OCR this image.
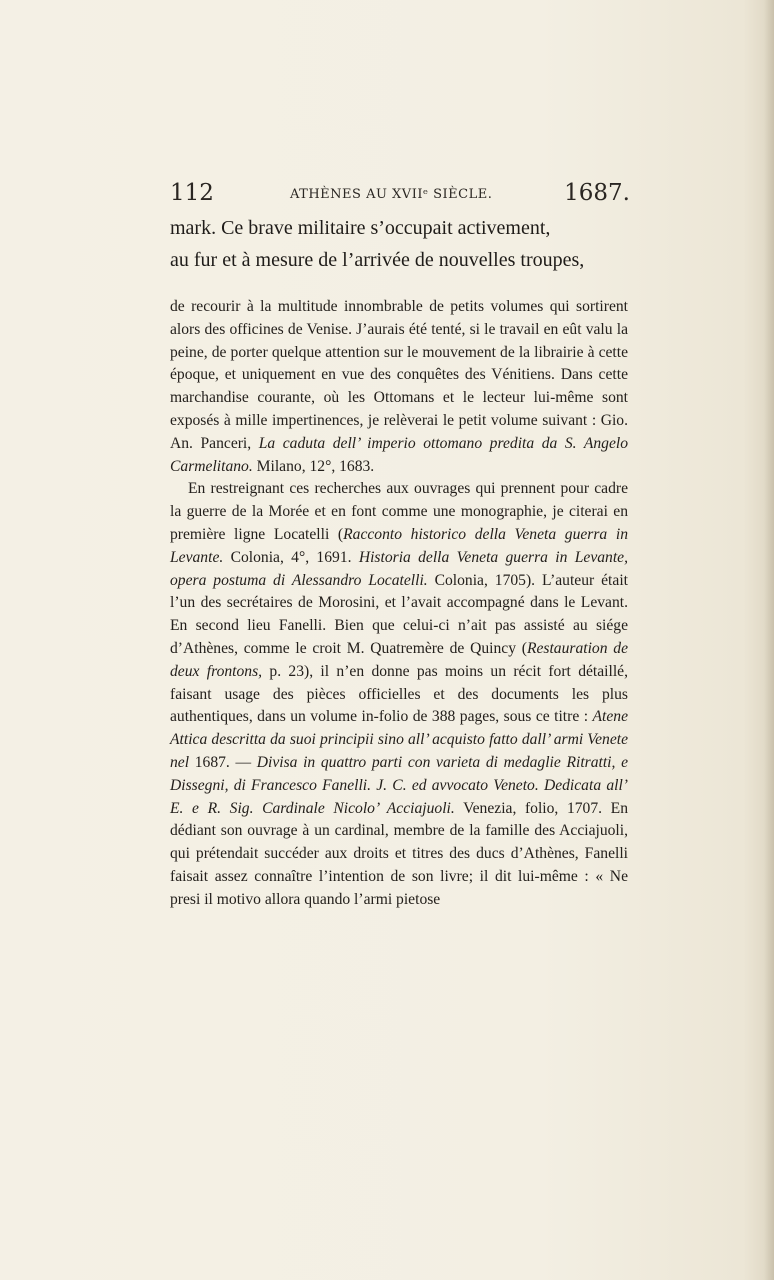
112	ATHÈNES AU XVIIᵉ SIÈCLE.	1687.

mark. Ce brave militaire s’occupait activement,

au fur et à mesure de l’arrivée de nouvelles troupes,

de recourir à la multitude innombrable de petits volumes qui sortirent alors des officines de Venise. J’aurais été tenté, si le travail en eût valu la peine, de porter quelque attention sur le mouvement de la librairie à cette époque, et uniquement en vue des conquêtes des Vénitiens. Dans cette marchandise courante, où les Ottomans et le lecteur lui-même sont exposés à mille impertinences, je relèverai le petit volume suivant : Gio. An. Panceri, La caduta dell’ imperio ottomano predita da S. Angelo Carmelitano. Milano, 12°, 1683.

En restreignant ces recherches aux ouvrages qui prennent pour cadre la guerre de la Morée et en font comme une monographie, je citerai en première ligne Locatelli (Racconto historico della Veneta guerra in Levante. Colonia, 4°, 1691. Historia della Veneta guerra in Levante, opera postuma di Alessandro Locatelli. Colonia, 1705). L’auteur était l’un des secrétaires de Morosini, et l’avait accompagné dans le Levant. En second lieu Fanelli. Bien que celui-ci n’ait pas assisté au siége d’Athènes, comme le croit M. Quatremère de Quincy (Restauration de deux frontons, p. 23), il n’en donne pas moins un récit fort détaillé, faisant usage des pièces officielles et des documents les plus authentiques, dans un volume in-folio de 388 pages, sous ce titre : Atene Attica descritta da suoi principii sino all’ acquisto fatto dall’ armi Venete nel 1687. — Divisa in quattro parti con varieta di medaglie Ritratti, e Dissegni, di Francesco Fanelli. J. C. ed avvocato Veneto. Dedicata all’ E. e R. Sig. Cardinale Nicolo’ Acciajuoli. Venezia, folio, 1707. En dédiant son ouvrage à un cardinal, membre de la famille des Acciajuoli, qui prétendait succéder aux droits et titres des ducs d’Athènes, Fanelli faisait assez connaître l’intention de son livre; il dit lui-même : « Ne presi il motivo allora quando l’armi pietose
